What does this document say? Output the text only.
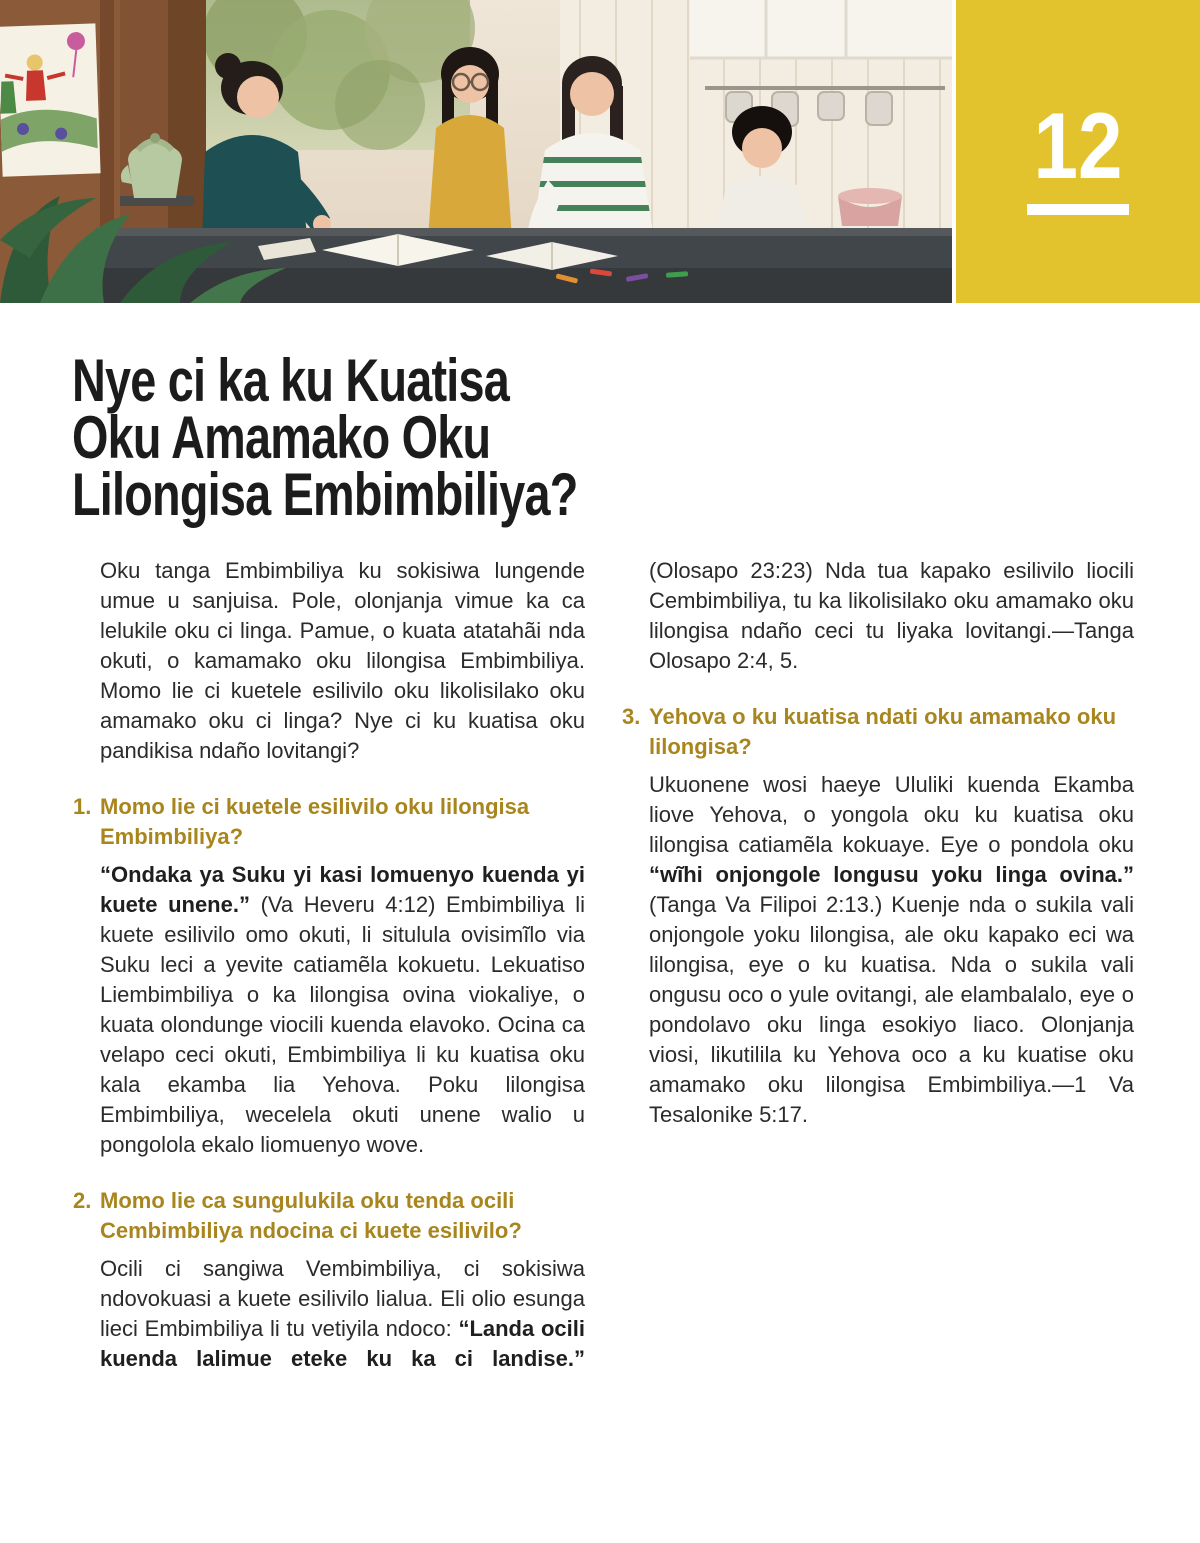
12
Nye ci ka ku Kuatisa
Oku Amamako Oku
Lilongisa Embimbiliya?

Oku tanga Embimbiliya ku sokisiwa lungende umue u sanjuisa. Pole, olonjanja vimue ka ca lelukile oku ci linga. Pamue, o kuata atatahãi nda okuti, o kamamako oku lilongisa Embimbiliya. Momo lie ci kuetele esilivilo oku likolisilako oku amamako oku ci linga? Nye ci ku kuatisa oku pandikisa ndaño lovitangi?

1. Momo lie ci kuetele esilivilo oku lilongisa Embimbiliya?

“Ondaka ya Suku yi kasi lomuenyo kuenda yi kuete unene.” (Va Heveru 4:12) Embimbiliya li kuete esilivilo omo okuti, li situlula ovisimĩlo via Suku leci a yevite catiamẽla kokuetu. Lekuatiso Liembimbiliya o ka lilongisa ovina viokaliye, o kuata olondunge viocili kuenda elavoko. Ocina ca velapo ceci okuti, Embimbiliya li ku kuatisa oku kala ekamba lia Yehova. Poku lilongisa Embimbiliya, wecelela okuti unene walio u pongolola ekalo liomuenyo wove.

2. Momo lie ca sungulukila oku tenda ocili Cembimbiliya ndocina ci kuete esilivilo?

Ocili ci sangiwa Vembimbiliya, ci sokisiwa ndovokuasi a kuete esilivilo lialua. Eli olio esunga lieci Embimbiliya li tu vetiyila ndoco: “Landa ocili kuenda lalimue eteke ku ka ci landise.”

(Olosapo 23:23) Nda tua kapako esilivilo liocili Cembimbiliya, tu ka likolisilako oku amamako oku lilongisa ndaño ceci tu liyaka lovitangi.—Tanga Olosapo 2:4, 5.

3. Yehova o ku kuatisa ndati oku amamako oku lilongisa?

Ukuonene wosi haeye Ululiki kuenda Ekamba liove Yehova, o yongola oku ku kuatisa oku lilongisa catiamẽla kokuaye. Eye o pondola oku “wĩhi onjongole longusu yoku linga ovina.” (Tanga Va Filipoi 2:13.) Kuenje nda o sukila vali onjongole yoku lilongisa, ale oku kapako eci wa lilongisa, eye o ku kuatisa. Nda o sukila vali ongusu oco o yule ovitangi, ale elambalalo, eye o pondolavo oku linga esokiyo liaco. Olonjanja viosi, likutilila ku Yehova oco a ku kuatise oku amamako oku lilongisa Embimbiliya.—1 Va Tesalonike 5:17.
